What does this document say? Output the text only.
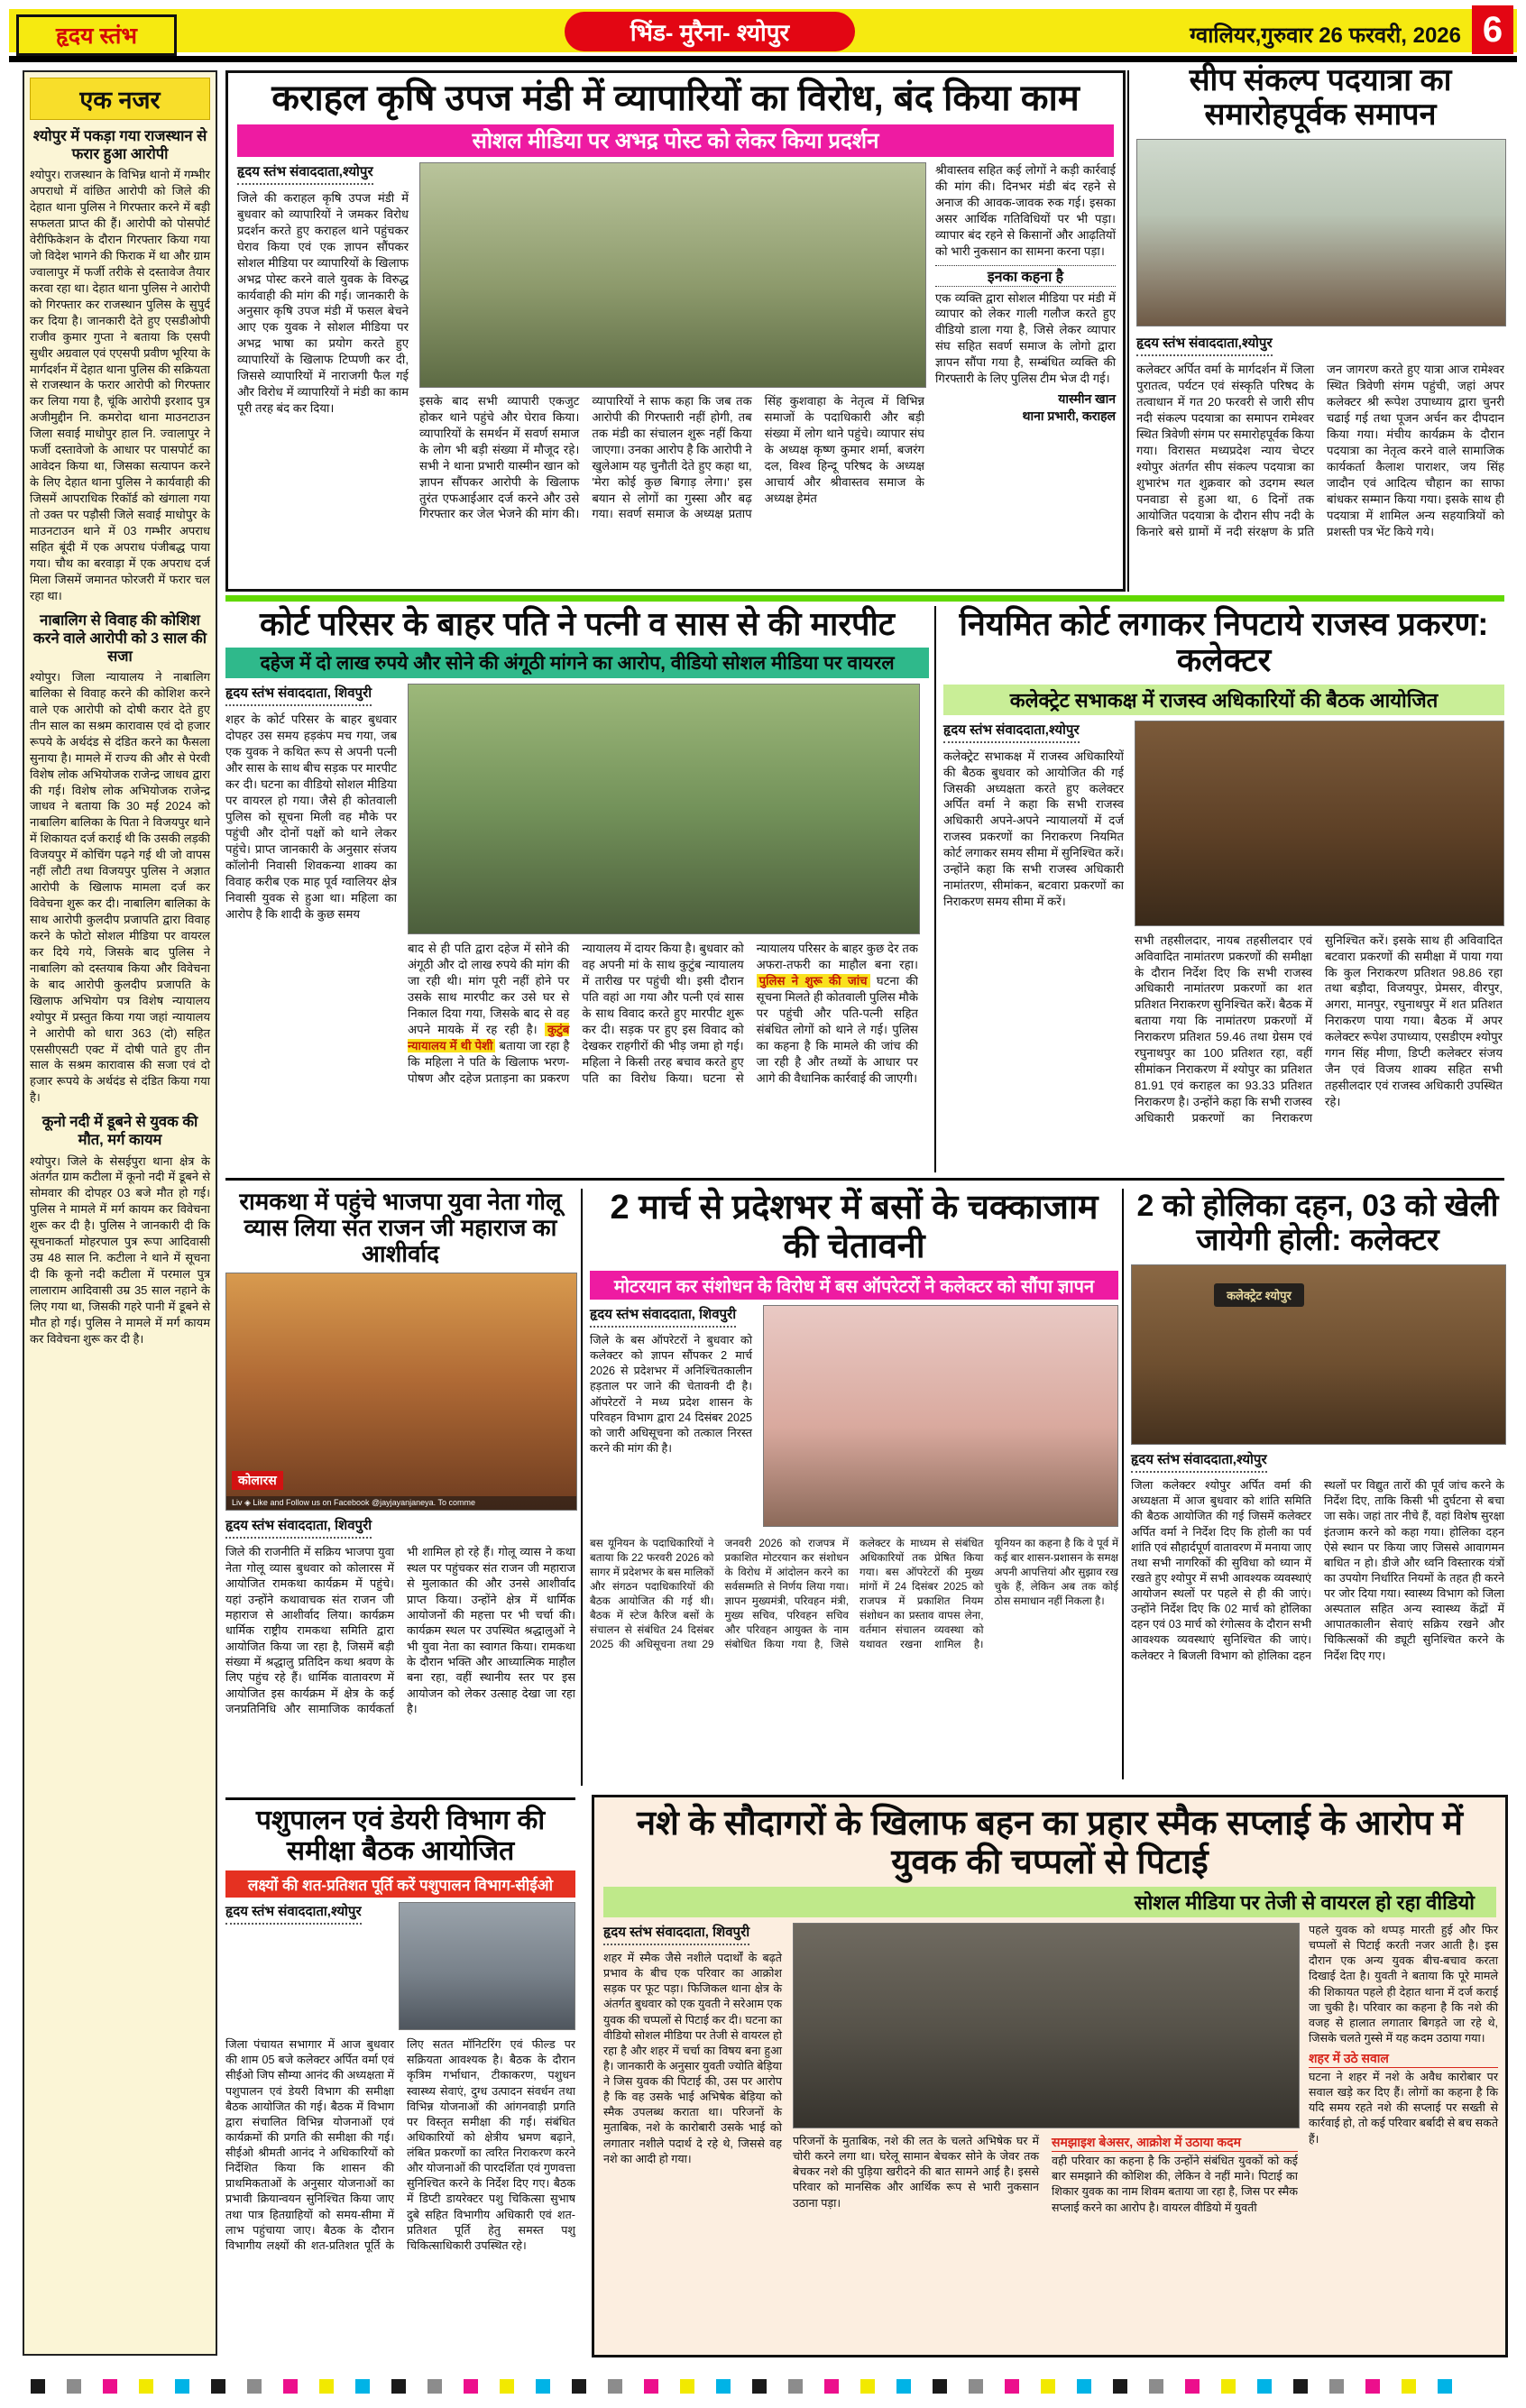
हृदय स्तंभ	भिंड- मुरैना- श्योपुर	ग्वालियर,गुरुवार 26 फरवरी, 2026 6
एक नजर
श्योपुर में पकड़ा गया राजस्थान से फरार हुआ आरोपी
श्योपुर। राजस्थान के विभिन्न थानो में गम्भीर अपराधो में वांछित आरोपी को जिले की देहात थाना पुलिस ने गिरफ्तार करने में बड़ी सफलता प्राप्त की हैं। आरोपी को पोसपोर्ट वेरीफिकेशन के दौरान गिरफ्तार किया गया जो विदेश भागने की फिराक में था और ग्राम ज्वालापुर में फर्जी तरीके से दस्तावेज तैयार करवा रहा था। देहात थाना पुलिस ने आरोपी को गिरफ्तार कर राजस्थान पुलिस के सुपुर्द कर दिया है। जानकारी देते हुए एसडीओपी राजीव कुमार गुप्ता ने बताया कि एसपी सुधीर अग्रवाल एवं एएसपी प्रवीण भूरिया के मार्गदर्शन में देहात थाना पुलिस की सक्रियता से राजस्थान के फरार आरोपी को गिरफ्तार कर लिया गया है, चूंकि आरोपी इरशाद पुत्र अजीमुद्दीन नि. कमरोदा थाना माउनटाउन जिला सवाई माधोपुर हाल नि. ज्वालापुर ने फर्जी दस्तावेजो के आधार पर पासपोर्ट का आवेदन किया था, जिसका सत्यापन करने के लिए देहात थाना पुलिस ने कार्यवाही की जिसमें आपराधिक रिकॉर्ड को खंगाला गया तो उक्त पर पड़ौसी जिले सवाई माधोपुर के माउनटाउन थाने में 03 गम्भीर अपराध सहित बूंदी में एक अपराध पंजीबद्ध पाया गया। चौथ का बरवाड़ा में एक अपराध दर्ज मिला जिसमें जमानत फोरजरी में फरार चल रहा था।
नाबालिग से विवाह की कोशिश करने वाले आरोपी को 3 साल की सजा
श्योपुर। जिला न्यायालय ने नाबालिग बालिका से विवाह करने की कोशिश करने वाले एक आरोपी को दोषी करार देते हुए तीन साल का सश्रम कारावास एवं दो हजार रूपये के अर्थदंड से दंडित करने का फैसला सुनाया है। मामले में राज्य की और से पेरवी विशेष लोक अभियोजक राजेन्द्र जाधव द्वारा की गई। विशेष लोक अभियोजक राजेन्द्र जाधव ने बताया कि 30 मई 2024 को नाबालिग बालिका के पिता ने विजयपुर थाने में शिकायत दर्ज कराई थी कि उसकी लड़की विजयपुर में कोचिंग पढ़ने गई थी जो वापस नहीं लौटी तथा विजयपुर पुलिस ने अज्ञात आरोपी के खिलाफ मामला दर्ज कर विवेचना शुरू कर दी। नाबालिग बालिका के साथ आरोपी कुलदीप प्रजापति द्वारा विवाह करने के फोटो सोशल मीडिया पर वायरल कर दिये गये, जिसके बाद पुलिस ने नाबालिग को दस्तयाब किया और विवेचना के बाद आरोपी कुलदीप प्रजापति के खिलाफ अभियोग पत्र विशेष न्यायालय श्योपुर में प्रस्तुत किया गया जहां न्यायालय ने आरोपी को धारा 363 (दो) सहित एससीएसटी एक्ट में दोषी पाते हुए तीन साल के सश्रम कारावास की सजा एवं दो हजार रूपये के अर्थदंड से दंडित किया गया है।
कूनो नदी में डूबने से युवक की मौत, मर्ग कायम
श्योपुर। जिले के सेसईपुरा थाना क्षेत्र के अंतर्गत ग्राम कटीला में कूनो नदी में डूबने से सोमवार की दोपहर 03 बजे मौत हो गई। पुलिस ने मामले में मर्ग कायम कर विवेचना शुरू कर दी है। पुलिस ने जानकारी दी कि सूचनाकर्ता मोहरपाल पुत्र रूपा आदिवासी उम्र 48 साल नि. कटीला ने थाने में सूचना दी कि कूनो नदी कटीला में परमाल पुत्र लालाराम आदिवासी उम्र 35 साल नहाने के लिए गया था, जिसकी गहरे पानी में डूबने से मौत हो गई। पुलिस ने मामले में मर्ग कायम कर विवेचना शुरू कर दी है।
कराहल कृषि उपज मंडी में व्यापारियों का विरोध, बंद किया काम
सोशल मीडिया पर अभद्र पोस्ट को लेकर किया प्रदर्शन
हृदय स्तंभ संवाददाता,श्योपुर
जिले की कराहल कृषि उपज मंडी में बुधवार को व्यापारियों ने जमकर विरोध प्रदर्शन करते हुए कराहल थाने पहुंचकर घेराव किया एवं एक ज्ञापन सौंपकर सोशल मीडिया पर व्यापारियों के खिलाफ अभद्र पोस्ट करने वाले युवक के विरुद्ध कार्यवाही की मांग की गई। जानकारी के अनुसार कृषि उपज मंडी में फसल बेचने आए एक युवक ने सोशल मीडिया पर अभद्र भाषा का प्रयोग करते हुए व्यापारियों के खिलाफ टिप्पणी कर दी, जिससे व्यापारियों में नाराजगी फैल गई और विरोध में व्यापारियों ने मंडी का काम पूरी तरह बंद कर दिया।
इसके बाद सभी व्यापारी एकजुट होकर थाने पहुंचे और घेराव किया। व्यापारियों के समर्थन में सवर्ण समाज के लोग भी बड़ी संख्या में मौजूद रहे। सभी ने थाना प्रभारी यास्मीन खान को ज्ञापन सौंपकर आरोपी के खिलाफ तुरंत एफआईआर दर्ज करने और उसे गिरफ्तार कर जेल भेजने की मांग की। व्यापारियों ने साफ कहा कि जब तक आरोपी की गिरफ्तारी नहीं होगी, तब तक मंडी का संचालन शुरू नहीं किया जाएगा। उनका आरोप है कि आरोपी ने खुलेआम यह चुनौती देते हुए कहा था, 'मेरा कोई कुछ बिगाड़ लेगा।' इस बयान से लोगों का गुस्सा और बढ़ गया। सवर्ण समाज के अध्यक्ष प्रताप सिंह कुशवाहा के नेतृत्व में विभिन्न समाजों के पदाधिकारी और बड़ी संख्या में लोग थाने पहुंचे। व्यापार संघ के अध्यक्ष कृष्ण कुमार शर्मा, बजरंग दल, विश्व हिन्दू परिषद के अध्यक्ष आचार्य और श्रीवास्तव समाज के अध्यक्ष हेमंत
श्रीवास्तव सहित कई लोगों ने कड़ी कार्रवाई की मांग की। दिनभर मंडी बंद रहने से अनाज की आवक-जावक रुक गई। इसका असर आर्थिक गतिविधियों पर भी पड़ा। व्यापार बंद रहने से किसानों और आढ़तियों को भारी नुकसान का सामना करना पड़ा।
इनका कहना है
एक व्यक्ति द्वारा सोशल मीडिया पर मंडी में व्यापार को लेकर गाली गलौज करते हुए वीडियो डाला गया है, जिसे लेकर व्यापार संघ सहित सवर्ण समाज के लोगो द्वारा ज्ञापन सौंपा गया है, सम्बंधित व्यक्ति की गिरफ्तारी के लिए पुलिस टीम भेज दी गई।
यास्मीन खान
थाना प्रभारी, कराहल
सीप संकल्प पदयात्रा का समारोहपूर्वक समापन
हृदय स्तंभ संवाददाता,श्योपुर
कलेक्टर अर्पित वर्मा के मार्गदर्शन में जिला पुरातत्व, पर्यटन एवं संस्कृति परिषद के तत्वाधान में गत 20 फरवरी से जारी सीप नदी संकल्प पदयात्रा का समापन रामेश्वर स्थित त्रिवेणी संगम पर समारोहपूर्वक किया गया। विरासत मध्यप्रदेश न्याय चेप्टर श्योपुर अंतर्गत सीप संकल्प पदयात्रा का शुभारंभ गत शुक्रवार को उदगम स्थल पनवाडा से हुआ था, 6 दिनों तक आयोजित पदयात्रा के दौरान सीप नदी के किनारे बसे ग्रामों में नदी संरक्षण के प्रति जन जागरण करते हुए यात्रा आज रामेश्वर स्थित त्रिवेणी संगम पहुंची, जहां अपर कलेक्टर श्री रूपेश उपाध्याय द्वारा चुनरी चढाई गई तथा पूजन अर्चन कर दीपदान किया गया। मंचीय कार्यक्रम के दौरान पदयात्रा का नेतृत्व करने वाले सामाजिक कार्यकर्ता कैलाश पाराशर, जय सिंह जादौन एवं आदित्य चौहान का साफा बांधकर सम्मान किया गया। इसके साथ ही पदयात्रा में शामिल अन्य सहयात्रियों को प्रशस्ती पत्र भेंट किये गये।
कोर्ट परिसर के बाहर पति ने पत्नी व सास से की मारपीट
दहेज में दो लाख रुपये और सोने की अंगूठी मांगने का आरोप, वीडियो सोशल मीडिया पर वायरल
हृदय स्तंभ संवाददाता, शिवपुरी
शहर के कोर्ट परिसर के बाहर बुधवार दोपहर उस समय हड़कंप मच गया, जब एक युवक ने कथित रूप से अपनी पत्नी और सास के साथ बीच सड़क पर मारपीट कर दी। घटना का वीडियो सोशल मीडिया पर वायरल हो गया। जैसे ही कोतवाली पुलिस को सूचना मिली वह मौके पर पहुंची और दोनों पक्षों को थाने लेकर पहुंचे। प्राप्त जानकारी के अनुसार संजय कॉलोनी निवासी शिवकन्या शाक्य का विवाह करीब एक माह पूर्व ग्वालियर क्षेत्र निवासी युवक से हुआ था। महिला का आरोप है कि शादी के कुछ समय
बाद से ही पति द्वारा दहेज में सोने की अंगूठी और दो लाख रुपये की मांग की जा रही थी। मांग पूरी नहीं होने पर उसके साथ मारपीट कर उसे घर से निकाल दिया गया, जिसके बाद से वह अपने मायके में रह रही है। कुटुंब न्यायालय में थी पेशी बताया जा रहा है कि महिला ने पति के खिलाफ भरण-पोषण और दहेज प्रताड़ना का प्रकरण न्यायालय में दायर किया है। बुधवार को वह अपनी मां के साथ कुटुंब न्यायालय में तारीख पर पहुंची थी। इसी दौरान पति वहां आ गया और पत्नी एवं सास के साथ विवाद करते हुए मारपीट शुरू कर दी। सड़क पर हुए इस विवाद को देखकर राहगीरों की भीड़ जमा हो गई। महिला ने किसी तरह बचाव करते हुए पति का विरोध किया। घटना से न्यायालय परिसर के बाहर कुछ देर तक अफरा-तफरी का माहौल बना रहा। पुलिस ने शुरू की जांच घटना की सूचना मिलते ही कोतवाली पुलिस मौके पर पहुंची और पति-पत्नी सहित संबंधित लोगों को थाने ले गई। पुलिस का कहना है कि मामले की जांच की जा रही है और तथ्यों के आधार पर आगे की वैधानिक कार्रवाई की जाएगी।
नियमित कोर्ट लगाकर निपटाये राजस्व प्रकरण: कलेक्टर
कलेक्ट्रेट सभाकक्ष में राजस्व अधिकारियों की बैठक आयोजित
हृदय स्तंभ संवाददाता,श्योपुर
कलेक्ट्रेट सभाकक्ष में राजस्व अधिकारियों की बैठक बुधवार को आयोजित की गई जिसकी अध्यक्षता करते हुए कलेक्टर अर्पित वर्मा ने कहा कि सभी राजस्व अधिकारी अपने-अपने न्यायालयों में दर्ज राजस्व प्रकरणों का निराकरण नियमित कोर्ट लगाकर समय सीमा में सुनिश्चित करें। उन्होंने कहा कि सभी राजस्व अधिकारी नामांतरण, सीमांकन, बटवारा प्रकरणों का निराकरण समय सीमा में करें।
सभी तहसीलदार, नायब तहसीलदार एवं अविवादित नामांतरण प्रकरणों की समीक्षा के दौरान निर्देश दिए कि सभी राजस्व अधिकारी नामांतरण प्रकरणों का शत प्रतिशत निराकरण सुनिश्चित करें। बैठक में बताया गया कि नामांतरण प्रकरणों में निराकरण प्रतिशत 59.46 तथा ग्रेसम एवं रघुनाथपुर का 100 प्रतिशत रहा, वहीं सीमांकन निराकरण में श्योपुर का प्रतिशत 81.91 एवं कराहल का 93.33 प्रतिशत निराकरण है। उन्होंने कहा कि सभी राजस्व अधिकारी प्रकरणों का निराकरण सुनिश्चित करें। इसके साथ ही अविवादित बटवारा प्रकरणों की समीक्षा में पाया गया कि कुल निराकरण प्रतिशत 98.86 रहा तथा बड़ौदा, विजयपुर, प्रेमसर, वीरपुर, अगरा, मानपुर, रघुनाथपुर में शत प्रतिशत निराकरण पाया गया। बैठक में अपर कलेक्टर रूपेश उपाध्याय, एसडीएम श्योपुर गगन सिंह मीणा, डिप्टी कलेक्टर संजय जैन एवं विजय शाक्य सहित सभी तहसीलदार एवं राजस्व अधिकारी उपस्थित रहे।
रामकथा में पहुंचे भाजपा युवा नेता गोलू व्यास लिया संत राजन जी महाराज का आशीर्वाद
कोलारस
Liv ◈ Like and Follow us on Facebook @jayjayanjaneya. To comme
हृदय स्तंभ संवाददाता, शिवपुरी
जिले की राजनीति में सक्रिय भाजपा युवा नेता गोलू व्यास बुधवार को कोलारस में आयोजित रामकथा कार्यक्रम में पहुंचे। यहां उन्होंने कथावाचक संत राजन जी महाराज से आशीर्वाद लिया। कार्यक्रम धार्मिक राष्ट्रीय रामकथा समिति द्वारा आयोजित किया जा रहा है, जिसमें बड़ी संख्या में श्रद्धालु प्रतिदिन कथा श्रवण के लिए पहुंच रहे हैं। धार्मिक वातावरण में आयोजित इस कार्यक्रम में क्षेत्र के कई जनप्रतिनिधि और सामाजिक कार्यकर्ता भी शामिल हो रहे हैं। गोलू व्यास ने कथा स्थल पर पहुंचकर संत राजन जी महाराज से मुलाकात की और उनसे आशीर्वाद प्राप्त किया। उन्होंने क्षेत्र में धार्मिक आयोजनों की महत्ता पर भी चर्चा की। कार्यक्रम स्थल पर उपस्थित श्रद्धालुओं ने भी युवा नेता का स्वागत किया। रामकथा के दौरान भक्ति और आध्यात्मिक माहौल बना रहा, वहीं स्थानीय स्तर पर इस आयोजन को लेकर उत्साह देखा जा रहा है।
2 मार्च से प्रदेशभर में बसों के चक्काजाम की चेतावनी
मोटरयान कर संशोधन के विरोध में बस ऑपरेटरों ने कलेक्टर को सौंपा ज्ञापन
हृदय स्तंभ संवाददाता, शिवपुरी
जिले के बस ऑपरेटरों ने बुधवार को कलेक्टर को ज्ञापन सौंपकर 2 मार्च 2026 से प्रदेशभर में अनिश्चितकालीन हड़ताल पर जाने की चेतावनी दी है। ऑपरेटरों ने मध्य प्रदेश शासन के परिवहन विभाग द्वारा 24 दिसंबर 2025 को जारी अधिसूचना को तत्काल निरस्त करने की मांग की है।
बस यूनियन के पदाधिकारियों ने बताया कि 22 फरवरी 2026 को सागर में प्रदेशभर के बस मालिकों और संगठन पदाधिकारियों की बैठक आयोजित की गई थी। बैठक में स्टेज कैरिज बसों के संचालन से संबंधित 24 दिसंबर 2025 की अधिसूचना तथा 29 जनवरी 2026 को राजपत्र में प्रकाशित मोटरयान कर संशोधन के विरोध में आंदोलन करने का सर्वसम्मति से निर्णय लिया गया। ज्ञापन मुख्यमंत्री, परिवहन मंत्री, मुख्य सचिव, परिवहन सचिव और परिवहन आयुक्त के नाम संबोधित किया गया है, जिसे कलेक्टर के माध्यम से संबंधित अधिकारियों तक प्रेषित किया गया। बस ऑपरेटरों की मुख्य मांगों में 24 दिसंबर 2025 को राजपत्र में प्रकाशित नियम संशोधन का प्रस्ताव वापस लेना, वर्तमान संचालन व्यवस्था को यथावत रखना शामिल है। यूनियन का कहना है कि वे पूर्व में कई बार शासन-प्रशासन के समक्ष अपनी आपत्तियां और सुझाव रख चुके हैं, लेकिन अब तक कोई ठोस समाधान नहीं निकला है।
2 को होलिका दहन, 03 को खेली जायेगी होली: कलेक्टर
कलेक्ट्रेट श्योपुर
हृदय स्तंभ संवाददाता,श्योपुर
जिला कलेक्टर श्योपुर अर्पित वर्मा की अध्यक्षता में आज बुधवार को शांति समिति की बैठक आयोजित की गई जिसमें कलेक्टर अर्पित वर्मा ने निर्देश दिए कि होली का पर्व शांति एवं सौहार्दपूर्ण वातावरण में मनाया जाए तथा सभी नागरिकों की सुविधा को ध्यान में रखते हुए श्योपुर में सभी आवश्यक व्यवस्थाएं आयोजन स्थलों पर पहले से ही की जाएं। उन्होंने निर्देश दिए कि 02 मार्च को होलिका दहन एवं 03 मार्च को रंगोत्सव के दौरान सभी आवश्यक व्यवस्थाएं सुनिश्चित की जाएं। कलेक्टर ने बिजली विभाग को होलिका दहन स्थलों पर विद्युत तारों की पूर्व जांच करने के निर्देश दिए, ताकि किसी भी दुर्घटना से बचा जा सके। जहां तार नीचे हैं, वहां विशेष सुरक्षा इंतजाम करने को कहा गया। होलिका दहन ऐसे स्थान पर किया जाए जिससे आवागमन बाधित न हो। डीजे और ध्वनि विस्तारक यंत्रों का उपयोग निर्धारित नियमों के तहत ही करने पर जोर दिया गया। स्वास्थ्य विभाग को जिला अस्पताल सहित अन्य स्वास्थ्य केंद्रों में आपातकालीन सेवाएं सक्रिय रखने और चिकित्सकों की ड्यूटी सुनिश्चित करने के निर्देश दिए गए।
पशुपालन एवं डेयरी विभाग की समीक्षा बैठक आयोजित
लक्ष्यों की शत-प्रतिशत पूर्ति करें पशुपालन विभाग-सीईओ
हृदय स्तंभ संवाददाता,श्योपुर
जिला पंचायत सभागार में आज बुधवार की शाम 05 बजे कलेक्टर अर्पित वर्मा एवं सीईओ जिप सौम्या आनंद की अध्यक्षता में पशुपालन एवं डेयरी विभाग की समीक्षा बैठक आयोजित की गई। बैठक में विभाग द्वारा संचालित विभिन्न योजनाओं एवं कार्यक्रमों की प्रगति की समीक्षा की गई। सीईओ श्रीमती आनंद ने अधिकारियों को निर्देशित किया कि शासन की प्राथमिकताओं के अनुसार योजनाओं का प्रभावी क्रियान्वयन सुनिश्चित किया जाए तथा पात्र हितग्राहियों को समय-सीमा में लाभ पहुंचाया जाए। बैठक के दौरान विभागीय लक्ष्यों की शत-प्रतिशत पूर्ति के लिए सतत मॉनिटरिंग एवं फील्ड पर सक्रियता आवश्यक है। बैठक के दौरान कृत्रिम गर्भाधान, टीकाकरण, पशुधन स्वास्थ्य सेवाएं, दुग्ध उत्पादन संवर्धन तथा विभिन्न योजनाओं की आंगनवाड़ी प्रगति पर विस्तृत समीक्षा की गई। संबंधित अधिकारियों को क्षेत्रीय भ्रमण बढ़ाने, लंबित प्रकरणों का त्वरित निराकरण करने और योजनाओं की पारदर्शिता एवं गुणवत्ता सुनिश्चित करने के निर्देश दिए गए। बैठक में डिप्टी डायरेक्टर पशु चिकित्सा सुभाष दुबे सहित विभागीय अधिकारी एवं शत-प्रतिशत पूर्ति हेतु समस्त पशु चिकित्साधिकारी उपस्थित रहे।
नशे के सौदागरों के खिलाफ बहन का प्रहार स्मैक सप्लाई के आरोप में युवक की चप्पलों से पिटाई
सोशल मीडिया पर तेजी से वायरल हो रहा वीडियो
हृदय स्तंभ संवाददाता, शिवपुरी
शहर में स्मैक जैसे नशीले पदार्थों के बढ़ते प्रभाव के बीच एक परिवार का आक्रोश सड़क पर फूट पड़ा। फिजिकल थाना क्षेत्र के अंतर्गत बुधवार को एक युवती ने सरेआम एक युवक की चप्पलों से पिटाई कर दी। घटना का वीडियो सोशल मीडिया पर तेजी से वायरल हो रहा है और शहर में चर्चा का विषय बना हुआ है। जानकारी के अनुसार युवती ज्योति बेड़िया ने जिस युवक की पिटाई की, उस पर आरोप है कि वह उसके भाई अभिषेक बेड़िया को स्मैक उपलब्ध कराता था। परिजनों के मुताबिक, नशे के कारोबारी उसके भाई को लगातार नशीले पदार्थ दे रहे थे, जिससे वह नशे का आदी हो गया।
परिजनों के मुताबिक, नशे की लत के चलते अभिषेक घर में चोरी करने लगा था। घरेलू सामान बेचकर सोने के जेवर तक बेचकर नशे की पुड़िया खरीदने की बात सामने आई है। इससे परिवार को मानसिक और आर्थिक रूप से भारी नुकसान उठाना पड़ा।
समझाइश बेअसर, आक्रोश में उठाया कदम
वही परिवार का कहना है कि उन्होंने संबंधित युवकों को कई बार समझाने की कोशिश की, लेकिन वे नहीं माने। पिटाई का शिकार युवक का नाम शिवम बताया जा रहा है, जिस पर स्मैक सप्लाई करने का आरोप है। वायरल वीडियो में युवती
पहले युवक को थप्पड़ मारती हुई और फिर चप्पलों से पिटाई करती नजर आती है। इस दौरान एक अन्य युवक बीच-बचाव करता दिखाई देता है। युवती ने बताया कि पूरे मामले की शिकायत पहले ही देहात थाना में दर्ज कराई जा चुकी है। परिवार का कहना है कि नशे की वजह से हालात लगातार बिगड़ते जा रहे थे, जिसके चलते गुस्से में यह कदम उठाया गया।
शहर में उठे सवाल
घटना ने शहर में नशे के अवैध कारोबार पर सवाल खड़े कर दिए हैं। लोगों का कहना है कि यदि समय रहते नशे की सप्लाई पर सख्ती से कार्रवाई हो, तो कई परिवार बर्बादी से बच सकते हैं।
